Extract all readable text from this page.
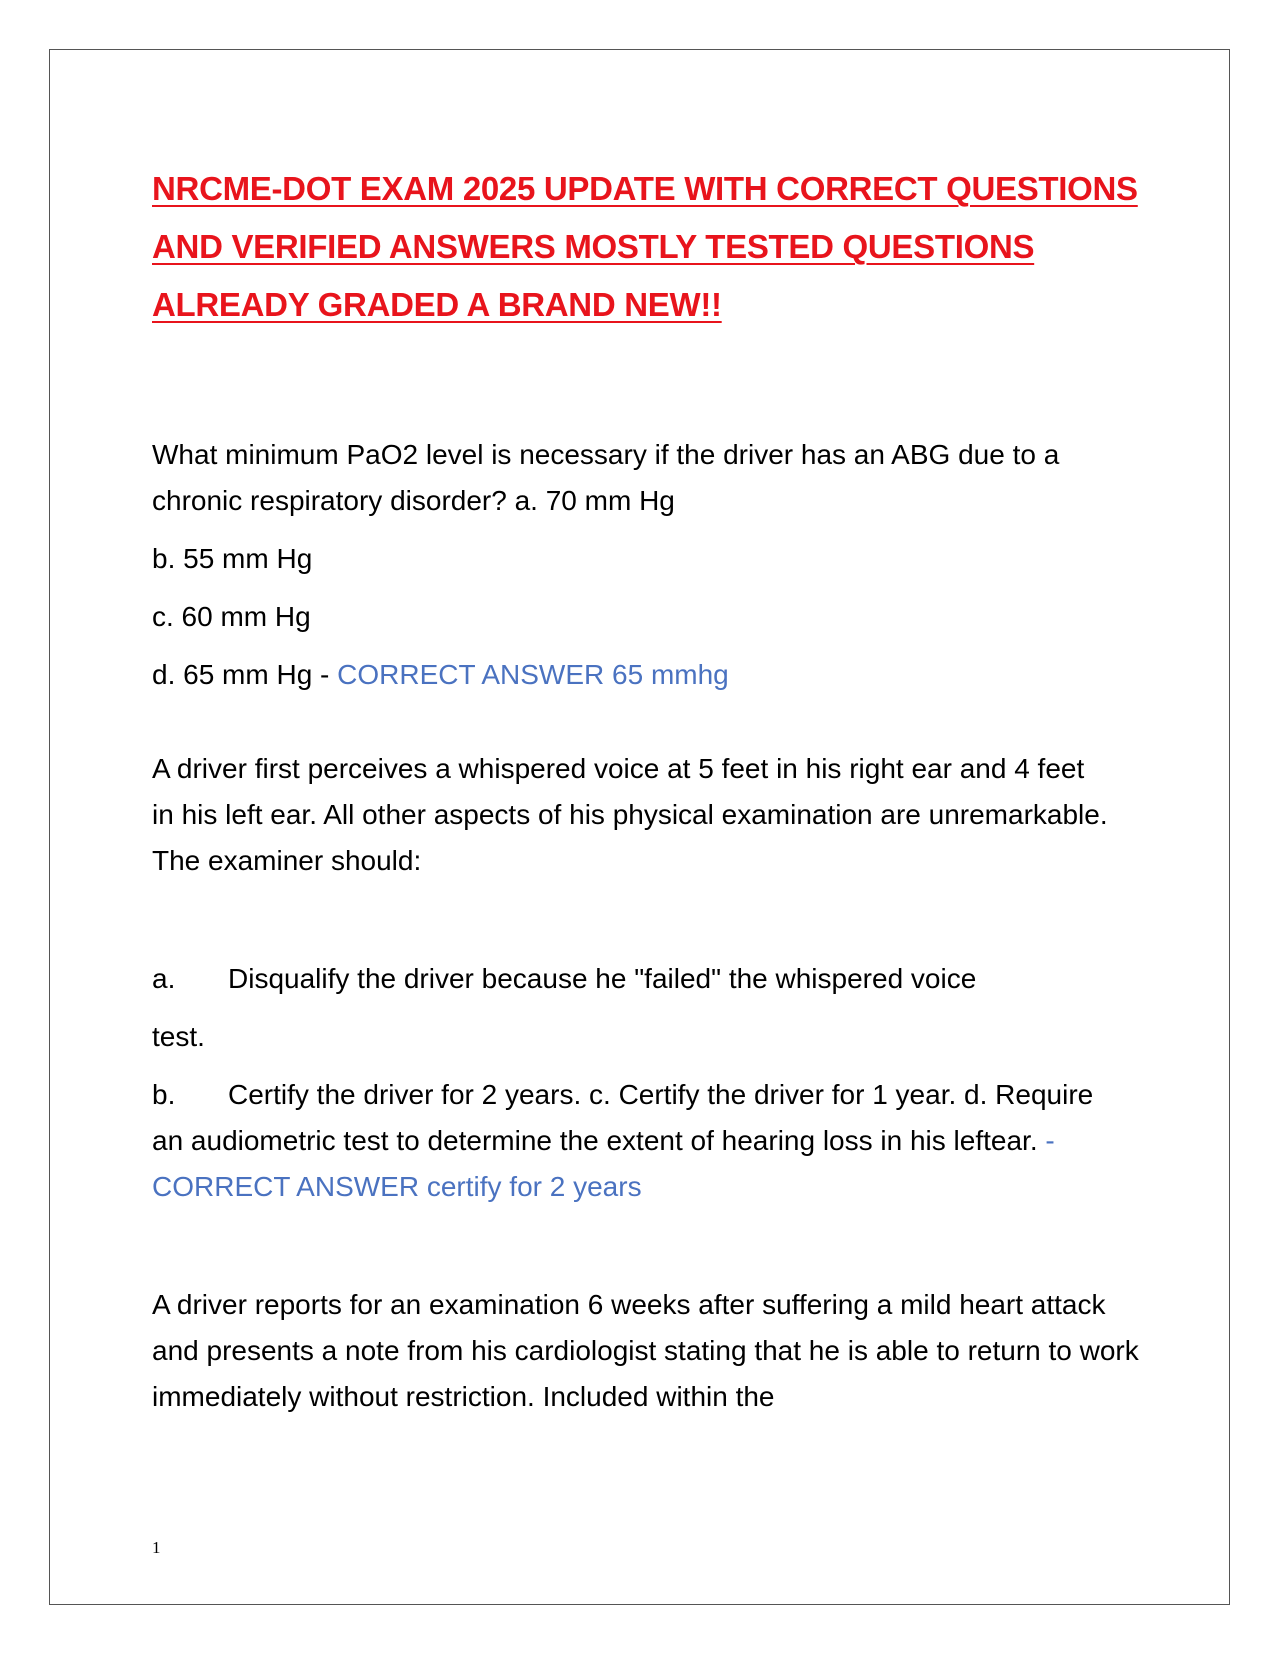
NRCME-DOT EXAM 2025 UPDATE WITH CORRECT QUESTIONS AND VERIFIED ANSWERS MOSTLY TESTED QUESTIONS ALREADY GRADED A BRAND NEW!!

What minimum PaO2 level is necessary if the driver has an ABG due to a chronic respiratory disorder? a. 70 mm Hg

b. 55 mm Hg

c. 60 mm Hg

d. 65 mm Hg - CORRECT ANSWER 65 mmhg

A driver first perceives a whispered voice at 5 feet in his right ear and 4 feet in his left ear. All other aspects of his physical examination are unremarkable. The examiner should:

a. Disqualify the driver because he "failed" the whispered voice

test.

b. Certify the driver for 2 years. c. Certify the driver for 1 year. d. Require an audiometric test to determine the extent of hearing loss in his leftear. - CORRECT ANSWER certify for 2 years

A driver reports for an examination 6 weeks after suffering a mild heart attack and presents a note from his cardiologist stating that he is able to return to work immediately without restriction. Included within the

1
